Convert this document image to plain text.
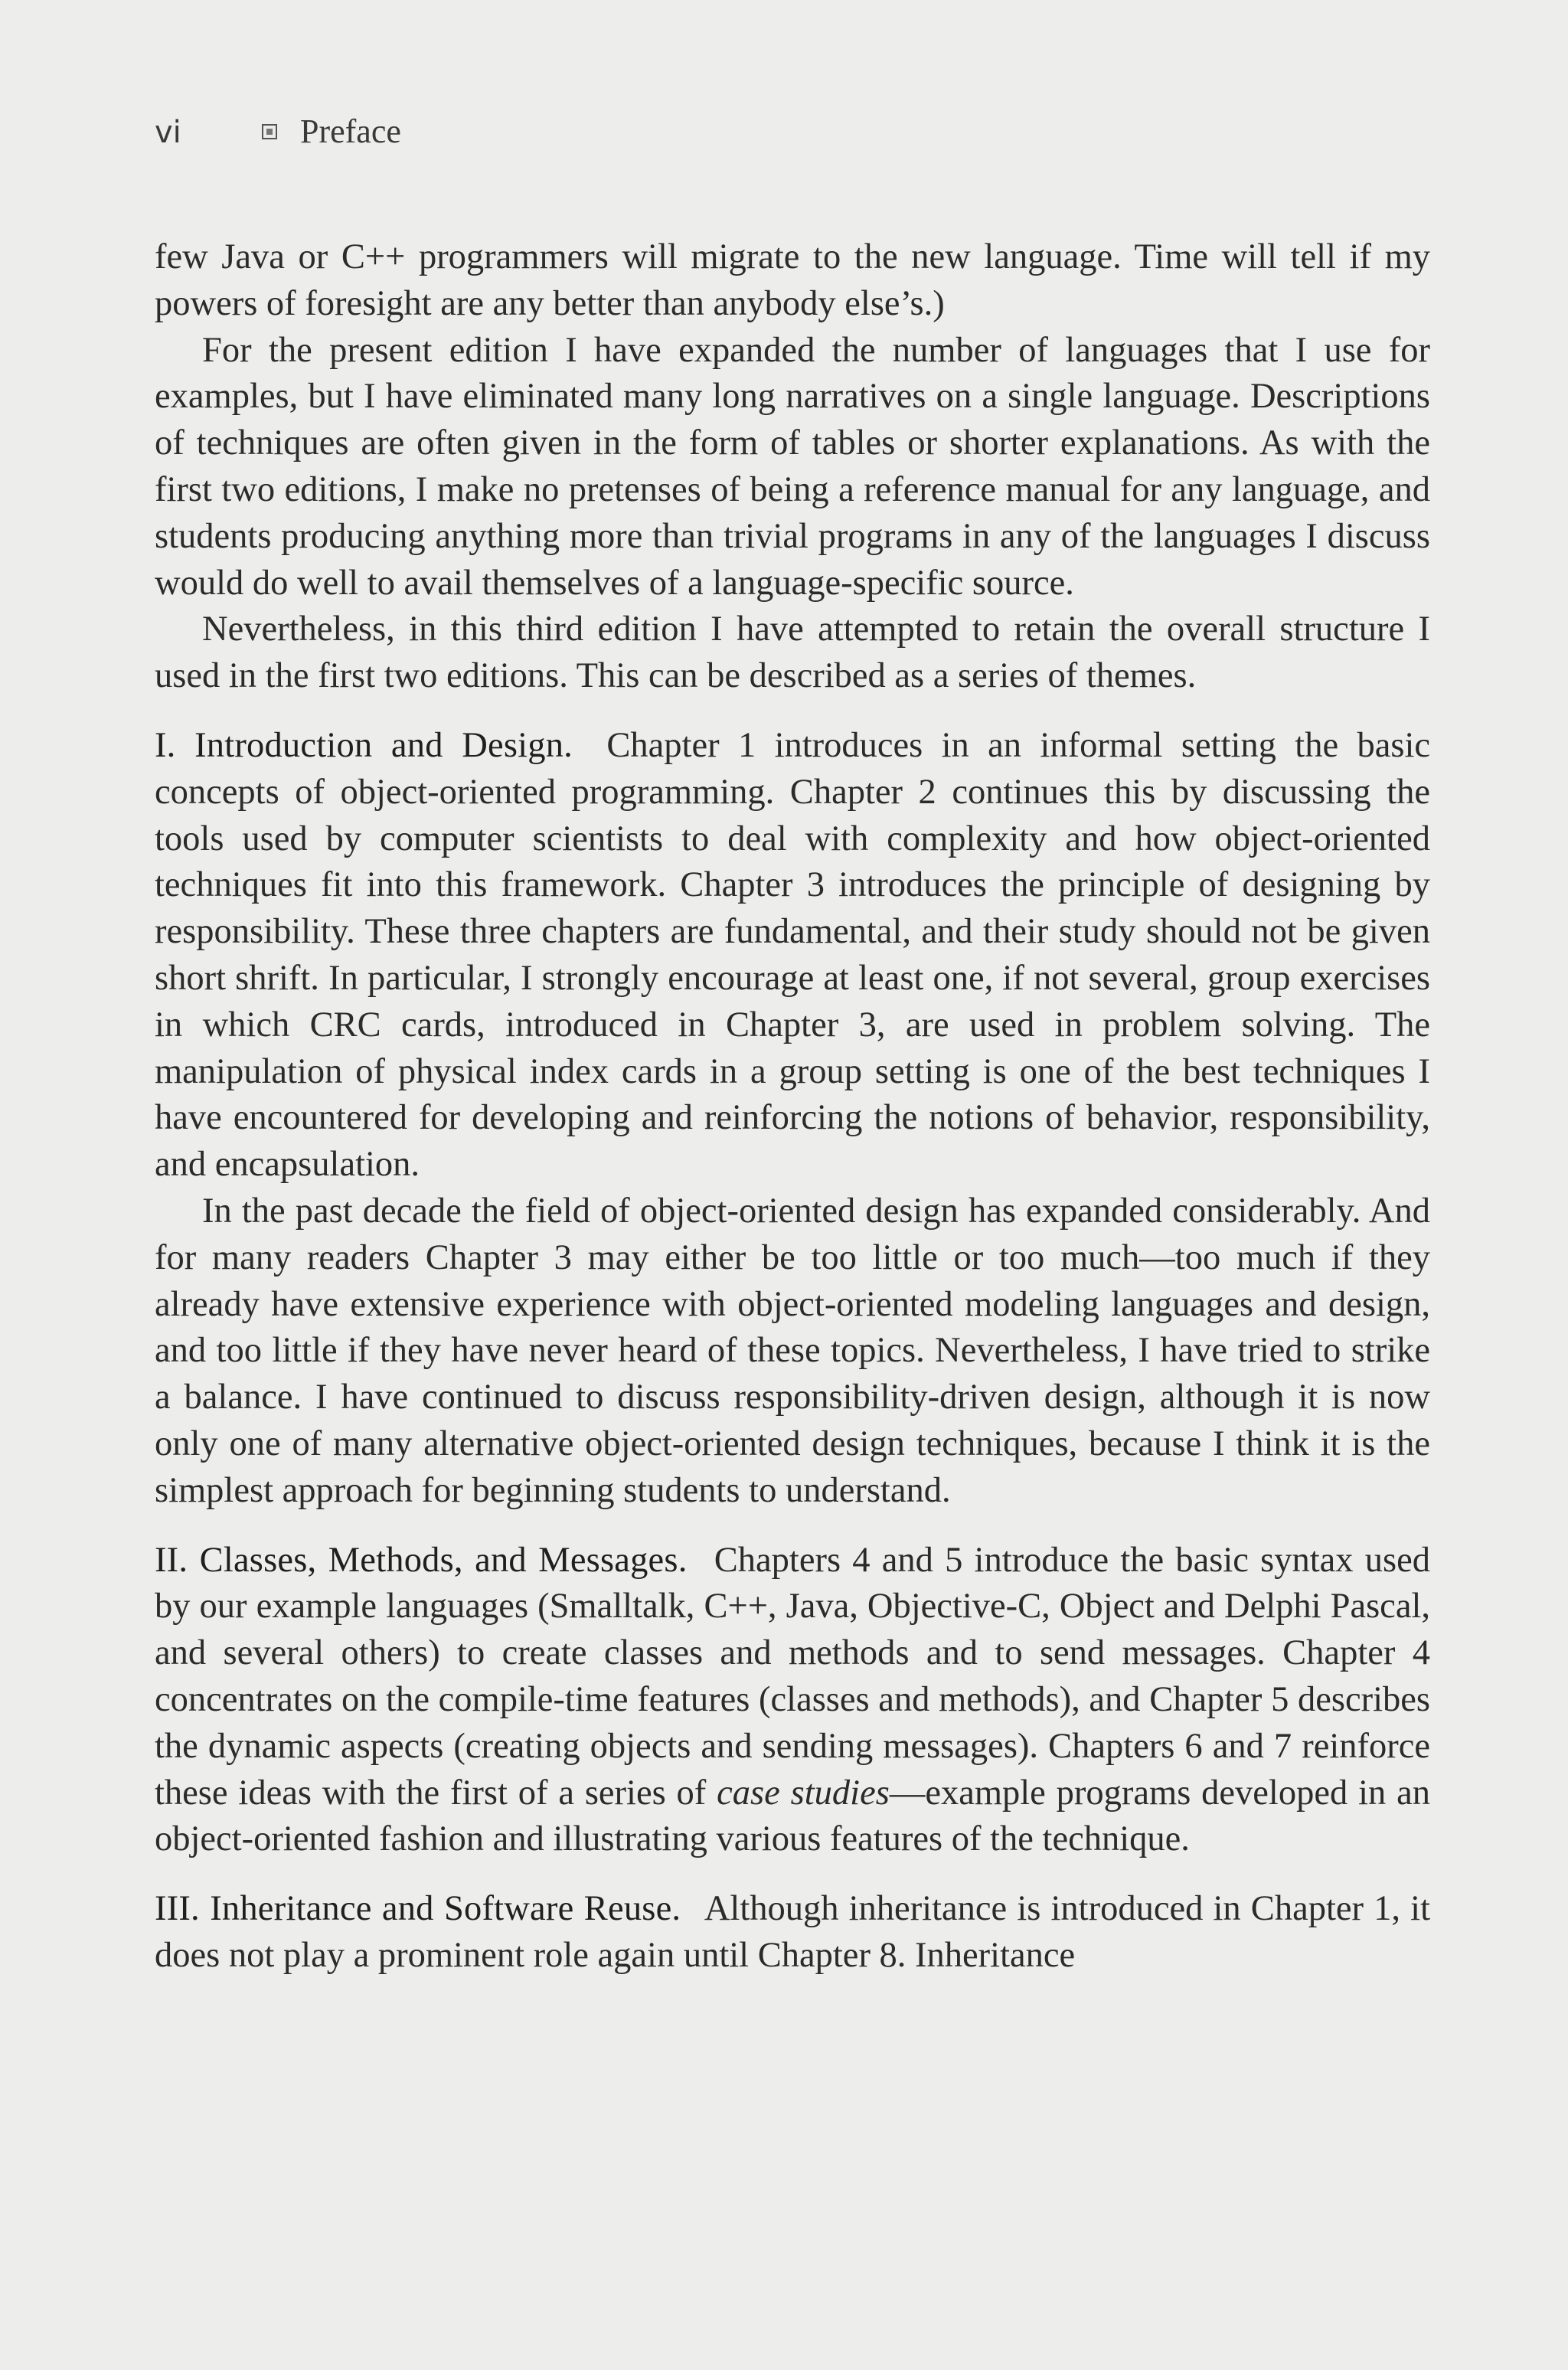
vi	Preface

few Java or C++ programmers will migrate to the new language. Time will tell if my powers of foresight are any better than anybody else’s.)

For the present edition I have expanded the number of languages that I use for examples, but I have eliminated many long narratives on a single language. Descriptions of techniques are often given in the form of tables or shorter explanations. As with the first two editions, I make no pretenses of being a reference manual for any language, and students producing anything more than trivial programs in any of the languages I discuss would do well to avail themselves of a language-specific source.

Nevertheless, in this third edition I have attempted to retain the overall structure I used in the first two editions. This can be described as a series of themes.

I. Introduction and Design. Chapter 1 introduces in an informal setting the basic concepts of object-oriented programming. Chapter 2 continues this by discussing the tools used by computer scientists to deal with complexity and how object-oriented techniques fit into this framework. Chapter 3 introduces the principle of designing by responsibility. These three chapters are fundamental, and their study should not be given short shrift. In particular, I strongly encourage at least one, if not several, group exercises in which CRC cards, introduced in Chapter 3, are used in problem solving. The manipulation of physical index cards in a group setting is one of the best techniques I have encountered for developing and reinforcing the notions of behavior, responsibility, and encapsulation.

In the past decade the field of object-oriented design has expanded considerably. And for many readers Chapter 3 may either be too little or too much—too much if they already have extensive experience with object-oriented modeling languages and design, and too little if they have never heard of these topics. Nevertheless, I have tried to strike a balance. I have continued to discuss responsibility-driven design, although it is now only one of many alternative object-oriented design techniques, because I think it is the simplest approach for beginning students to understand.

II. Classes, Methods, and Messages. Chapters 4 and 5 introduce the basic syntax used by our example languages (Smalltalk, C++, Java, Objective-C, Object and Delphi Pascal, and several others) to create classes and methods and to send messages. Chapter 4 concentrates on the compile-time features (classes and methods), and Chapter 5 describes the dynamic aspects (creating objects and sending messages). Chapters 6 and 7 reinforce these ideas with the first of a series of case studies—example programs developed in an object-oriented fashion and illustrating various features of the technique.

III. Inheritance and Software Reuse. Although inheritance is introduced in Chapter 1, it does not play a prominent role again until Chapter 8. Inheritance
